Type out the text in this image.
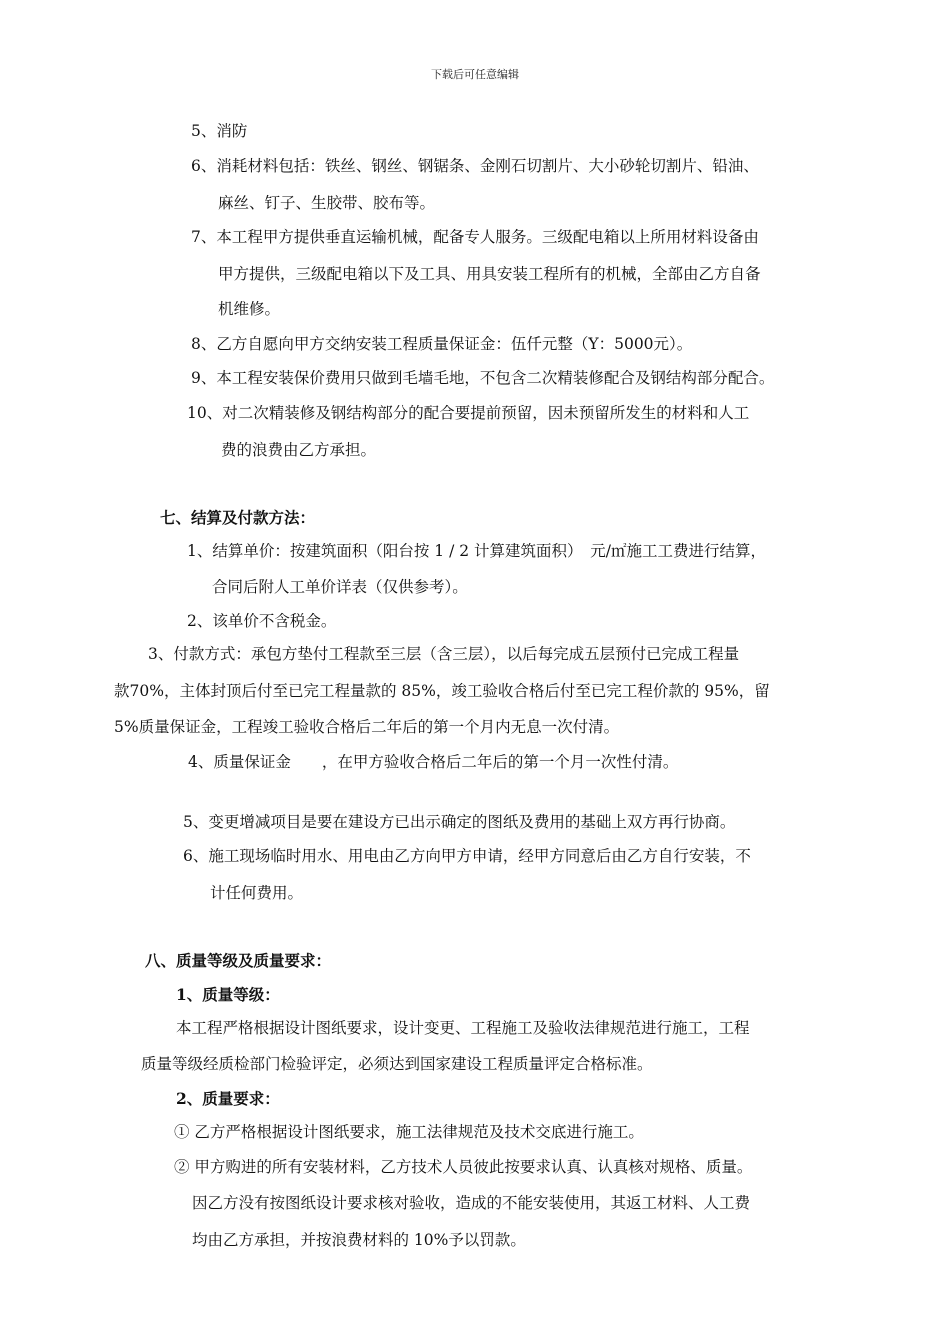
下载后可任意编辑
5、消防
6、消耗材料包括：铁丝、钢丝、钢锯条、金刚石切割片、大小砂轮切割片、铅油、
麻丝、钉子、生胶带、胶布等。
7、本工程甲方提供垂直运输机械，配备专人服务。三级配电箱以上所用材料设备由
甲方提供，三级配电箱以下及工具、用具安装工程所有的机械，全部由乙方自备
机维修。
8、乙方自愿向甲方交纳安装工程质量保证金：伍仟元整（Y：5000元）。
9、本工程安装保价费用只做到毛墙毛地，不包含二次精装修配合及钢结构部分配合。
10、对二次精装修及钢结构部分的配合要提前预留，因未预留所发生的材料和人工
费的浪费由乙方承担。
七、结算及付款方法：
1、结算单价：按建筑面积（阳台按 1 / 2 计算建筑面积）　元/㎡施工工费进行结算，
合同后附人工单价详表（仅供参考）。
2、该单价不含税金。
3、付款方式：承包方垫付工程款至三层（含三层），以后每完成五层预付已完成工程量
款70%，主体封顶后付至已完工程量款的 85%，竣工验收合格后付至已完工程价款的 95%，留
5%质量保证金，工程竣工验收合格后二年后的第一个月内无息一次付清。
4、质量保证金　　，在甲方验收合格后二年后的第一个月一次性付清。
5、变更增减项目是要在建设方已出示确定的图纸及费用的基础上双方再行协商。
6、施工现场临时用水、用电由乙方向甲方申请，经甲方同意后由乙方自行安装，不
计任何费用。
八、质量等级及质量要求：
1、质量等级：
本工程严格根据设计图纸要求，设计变更、工程施工及验收法律规范进行施工，工程
质量等级经质检部门检验评定，必须达到国家建设工程质量评定合格标准。
2、质量要求：
① 乙方严格根据设计图纸要求，施工法律规范及技术交底进行施工。
② 甲方购进的所有安装材料，乙方技术人员彼此按要求认真、认真核对规格、质量。
因乙方没有按图纸设计要求核对验收，造成的不能安装使用，其返工材料、人工费
均由乙方承担，并按浪费材料的 10%予以罚款。
